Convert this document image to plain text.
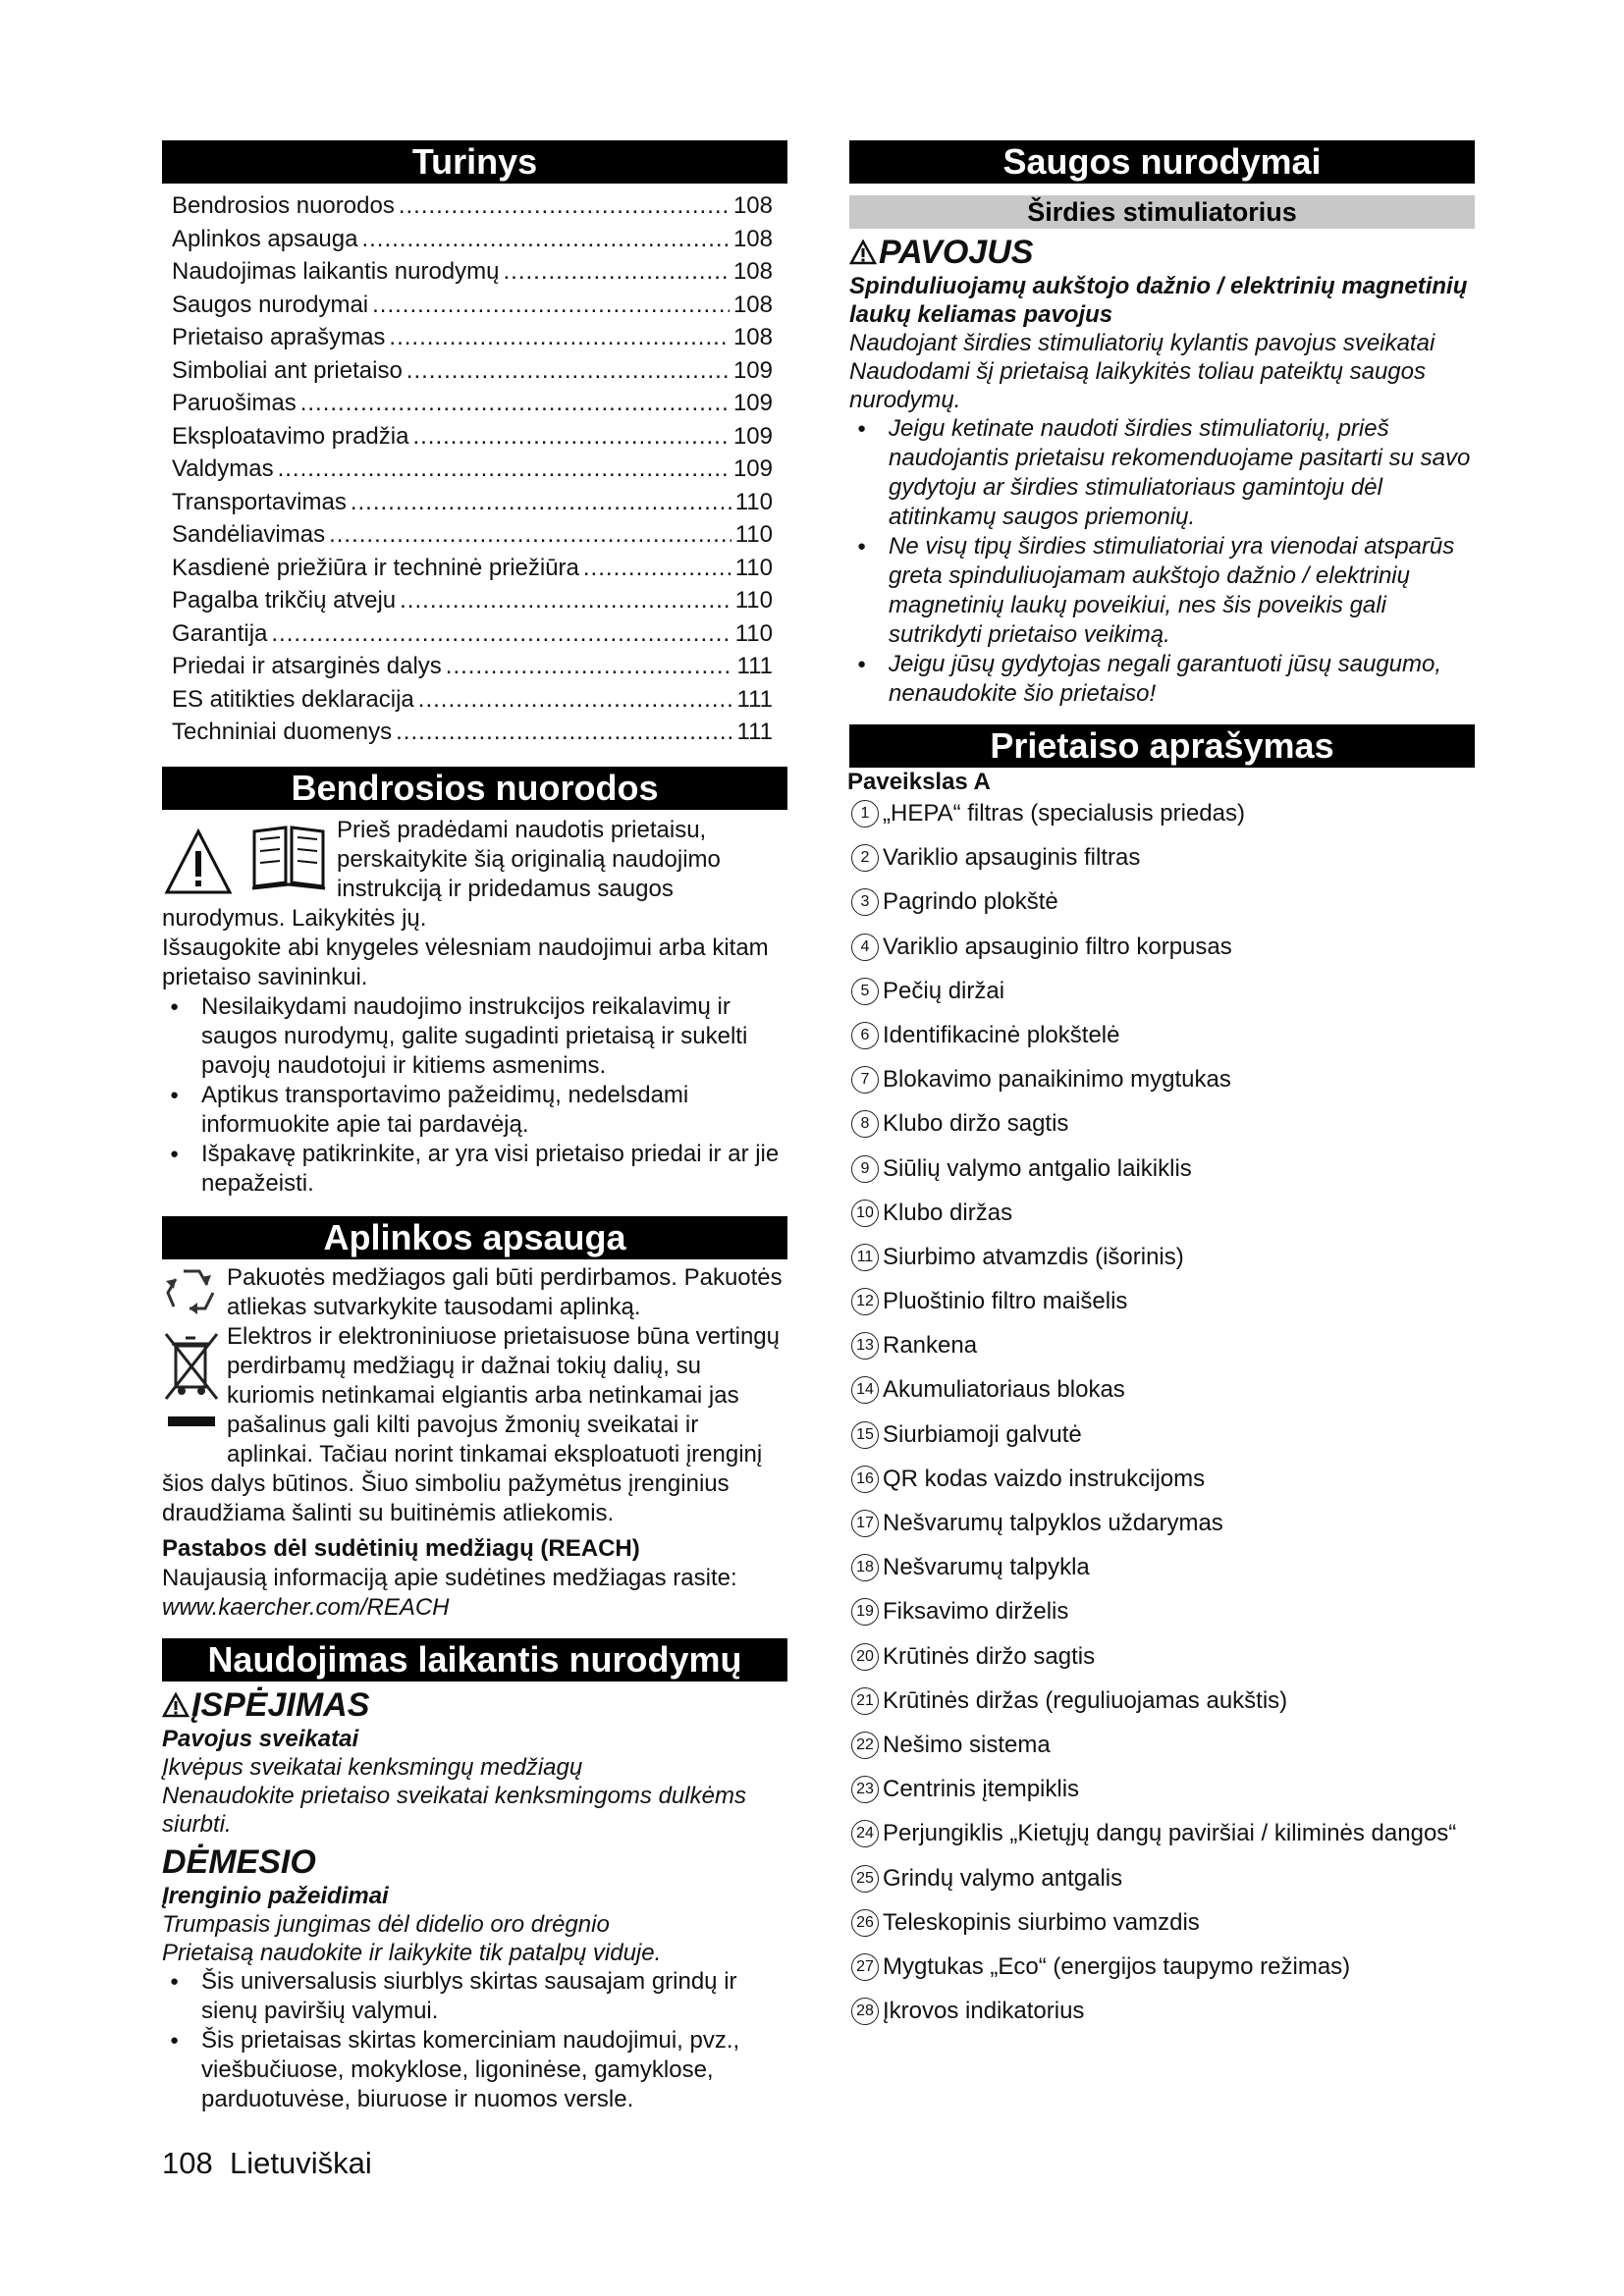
Turinys
Bendrosios nuorodos .....	108
Aplinkos apsauga .....	108
Naudojimas laikantis nurodymų .....	108
Saugos nurodymai .....	108
Prietaiso aprašymas .....	108
Simboliai ant prietaiso .....	109
Paruošimas .....	109
Eksploatavimo pradžia .....	109
Valdymas .....	109
Transportavimas .....	110
Sandėliavimas .....	110
Kasdienė priežiūra ir techninė priežiūra .....	110
Pagalba trikčių atveju .....	110
Garantija .....	110
Priedai ir atsarginės dalys .....	111
ES atitikties deklaracija .....	111
Techniniai duomenys .....	111
Bendrosios nuorodos

Prieš pradėdami naudotis prietaisu, perskaitykite šią originalią naudojimo instrukciją ir pridedamus saugos nurodymus. Laikykitės jų.

Išsaugokite abi knygeles vėlesniam naudojimui arba kitam prietaiso savininkui.

● Nesilaikydami naudojimo instrukcijos reikalavimų ir saugos nurodymų, galite sugadinti prietaisą ir sukelti pavojų naudotojui ir kitiems asmenims.
● Aptikus transportavimo pažeidimų, nedelsdami informuokite apie tai pardavėją.
● Išpakavę patikrinkite, ar yra visi prietaiso priedai ir ar jie nepažeisti.
Aplinkos apsauga

Pakuotės medžiagos gali būti perdirbamos. Pakuotės atliekas sutvarkykite tausodami aplinką.

Elektros ir elektroniniuose prietaisuose būna vertingų perdirbamų medžiagų ir dažnai tokių dalių, su kuriomis netinkamai elgiantis arba netinkamai jas pašalinus gali kilti pavojus žmonių sveikatai ir aplinkai. Tačiau norint tinkamai eksploatuoti įrenginį šios dalys būtinos. Šiuo simboliu pažymėtus įrenginius draudžiama šalinti su buitinėmis atliekomis.

Pastabos dėl sudėtinių medžiagų (REACH)

Naujausią informaciją apie sudėtines medžiagas rasite:

www.kaercher.com/REACH

Naudojimas laikantis nurodymų
ĮSPĖJIMAS
Pavojus sveikatai
Įkvėpus sveikatai kenksmingų medžiagų
Nenaudokite prietaiso sveikatai kenksmingoms dulkėms siurbti.
DĖMESIO
Įrenginio pažeidimai
Trumpasis jungimas dėl didelio oro drėgnio
Prietaisą naudokite ir laikykite tik patalpų viduje.
● Šis universalusis siurblys skirtas sausajam grindų ir sienų paviršių valymui.
● Šis prietaisas skirtas komerciniam naudojimui, pvz., viešbučiuose, mokyklose, ligoninėse, gamyklose, parduotuvėse, biuruose ir nuomos versle.
Saugos nurodymai
Širdies stimuliatorius
PAVOJUS
Spinduliuojamų aukštojo dažnio / elektrinių magnetinių laukų keliamas pavojus
Naudojant širdies stimuliatorių kylantis pavojus sveikatai
Naudodami šį prietaisą laikykitės toliau pateiktų saugos nurodymų.
● Jeigu ketinate naudoti širdies stimuliatorių, prieš naudojantis prietaisu rekomenduojame pasitarti su savo gydytoju ar širdies stimuliatoriaus gamintoju dėl atitinkamų saugos priemonių.
● Ne visų tipų širdies stimuliatoriai yra vienodai atsparūs greta spinduliuojamam aukštojo dažnio / elektrinių magnetinių laukų poveikiui, nes šis poveikis gali sutrikdyti prietaiso veikimą.
● Jeigu jūsų gydytojas negali garantuoti jūsų saugumo, nenaudokite šio prietaiso!
Prietaiso aprašymas
Paveikslas A
1 „HEPA“ filtras (specialusis priedas)
2 Variklio apsauginis filtras
3 Pagrindo plokštė
4 Variklio apsauginio filtro korpusas
5 Pečių diržai
6 Identifikacinė plokštelė
7 Blokavimo panaikinimo mygtukas
8 Klubo diržo sagtis
9 Siūlių valymo antgalio laikiklis
10 Klubo diržas
11 Siurbimo atvamzdis (išorinis)
12 Pluoštinio filtro maišelis
13 Rankena
14 Akumuliatoriaus blokas
15 Siurbiamoji galvutė
16 QR kodas vaizdo instrukcijoms
17 Nešvarumų talpyklos uždarymas
18 Nešvarumų talpykla
19 Fiksavimo dirželis
20 Krūtinės diržo sagtis
21 Krūtinės diržas (reguliuojamas aukštis)
22 Nešimo sistema
23 Centrinis įtempiklis
24 Perjungiklis „Kietųjų dangų paviršiai / kiliminės dangos“
25 Grindų valymo antgalis
26 Teleskopinis siurbimo vamzdis
27 Mygtukas „Eco“ (energijos taupymo režimas)
28 Įkrovos indikatorius
108 Lietuviškai
